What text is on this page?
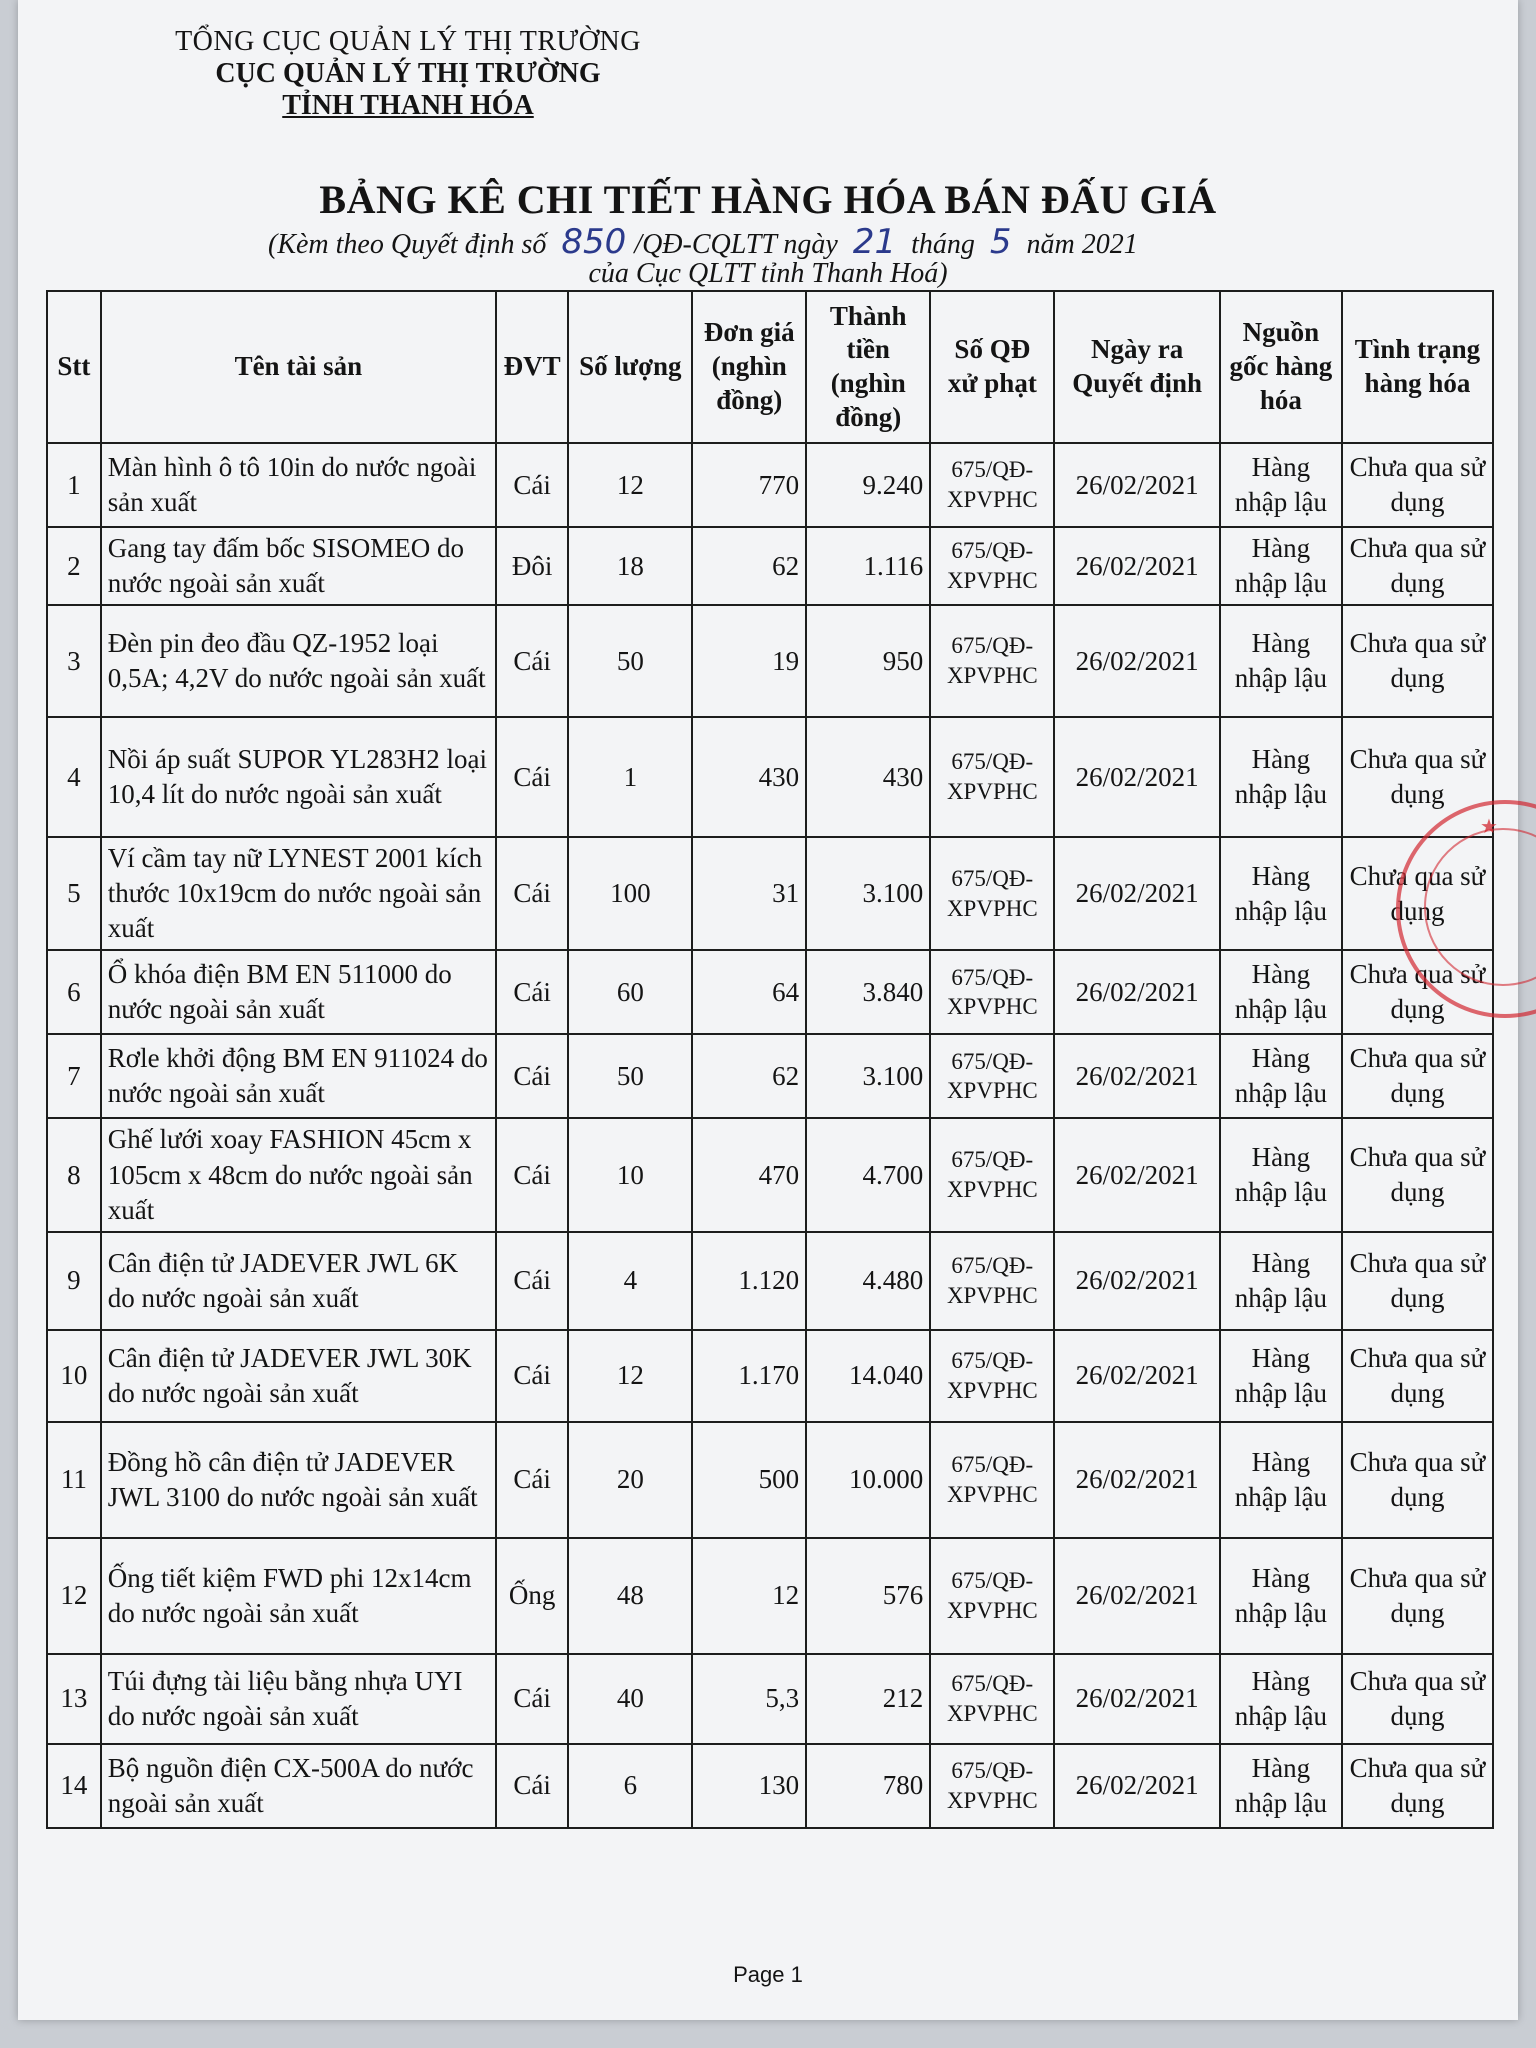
TỔNG CỤC QUẢN LÝ THỊ TRƯỜNG
CỤC QUẢN LÝ THỊ TRƯỜNG
TỈNH THANH HÓA
BẢNG KÊ CHI TIẾT HÀNG HÓA BÁN ĐẤU GIÁ
(Kèm theo Quyết định số 850 /QĐ-CQLTT ngày 21 tháng 5 năm 2021
của Cục QLTT tỉnh Thanh Hoá)
Stt	Tên tài sản	ĐVT	Số lượng	Đơn giá (nghìn đồng)	Thành tiền (nghìn đồng)	Số QĐ xử phạt	Ngày ra Quyết định	Nguồn gốc hàng hóa	Tình trạng hàng hóa
1	Màn hình ô tô 10in do nước ngoài sản xuất	Cái	12	770	9.240	675/QĐ-XPVPHC	26/02/2021	Hàng nhập lậu	Chưa qua sử dụng
2	Gang tay đấm bốc SISOMEO do nước ngoài sản xuất	Đôi	18	62	1.116	675/QĐ-XPVPHC	26/02/2021	Hàng nhập lậu	Chưa qua sử dụng
3	Đèn pin đeo đầu QZ-1952 loại 0,5A; 4,2V do nước ngoài sản xuất	Cái	50	19	950	675/QĐ-XPVPHC	26/02/2021	Hàng nhập lậu	Chưa qua sử dụng
4	Nồi áp suất SUPOR YL283H2 loại 10,4 lít do nước ngoài sản xuất	Cái	1	430	430	675/QĐ-XPVPHC	26/02/2021	Hàng nhập lậu	Chưa qua sử dụng
5	Ví cầm tay nữ LYNEST 2001 kích thước 10x19cm do nước ngoài sản xuất	Cái	100	31	3.100	675/QĐ-XPVPHC	26/02/2021	Hàng nhập lậu	Chưa qua sử dụng
6	Ổ khóa điện BM EN 511000 do nước ngoài sản xuất	Cái	60	64	3.840	675/QĐ-XPVPHC	26/02/2021	Hàng nhập lậu	Chưa qua sử dụng
7	Rơle khởi động BM EN 911024 do nước ngoài sản xuất	Cái	50	62	3.100	675/QĐ-XPVPHC	26/02/2021	Hàng nhập lậu	Chưa qua sử dụng
8	Ghế lưới xoay FASHION 45cm x 105cm x 48cm do nước ngoài sản xuất	Cái	10	470	4.700	675/QĐ-XPVPHC	26/02/2021	Hàng nhập lậu	Chưa qua sử dụng
9	Cân điện tử JADEVER JWL 6K do nước ngoài sản xuất	Cái	4	1.120	4.480	675/QĐ-XPVPHC	26/02/2021	Hàng nhập lậu	Chưa qua sử dụng
10	Cân điện tử JADEVER JWL 30K do nước ngoài sản xuất	Cái	12	1.170	14.040	675/QĐ-XPVPHC	26/02/2021	Hàng nhập lậu	Chưa qua sử dụng
11	Đồng hồ cân điện tử JADEVER JWL 3100 do nước ngoài sản xuất	Cái	20	500	10.000	675/QĐ-XPVPHC	26/02/2021	Hàng nhập lậu	Chưa qua sử dụng
12	Ống tiết kiệm FWD phi 12x14cm do nước ngoài sản xuất	Ống	48	12	576	675/QĐ-XPVPHC	26/02/2021	Hàng nhập lậu	Chưa qua sử dụng
13	Túi đựng tài liệu bằng nhựa UYI do nước ngoài sản xuất	Cái	40	5,3	212	675/QĐ-XPVPHC	26/02/2021	Hàng nhập lậu	Chưa qua sử dụng
14	Bộ nguồn điện CX-500A do nước ngoài sản xuất	Cái	6	130	780	675/QĐ-XPVPHC	26/02/2021	Hàng nhập lậu	Chưa qua sử dụng
★
Page 1
